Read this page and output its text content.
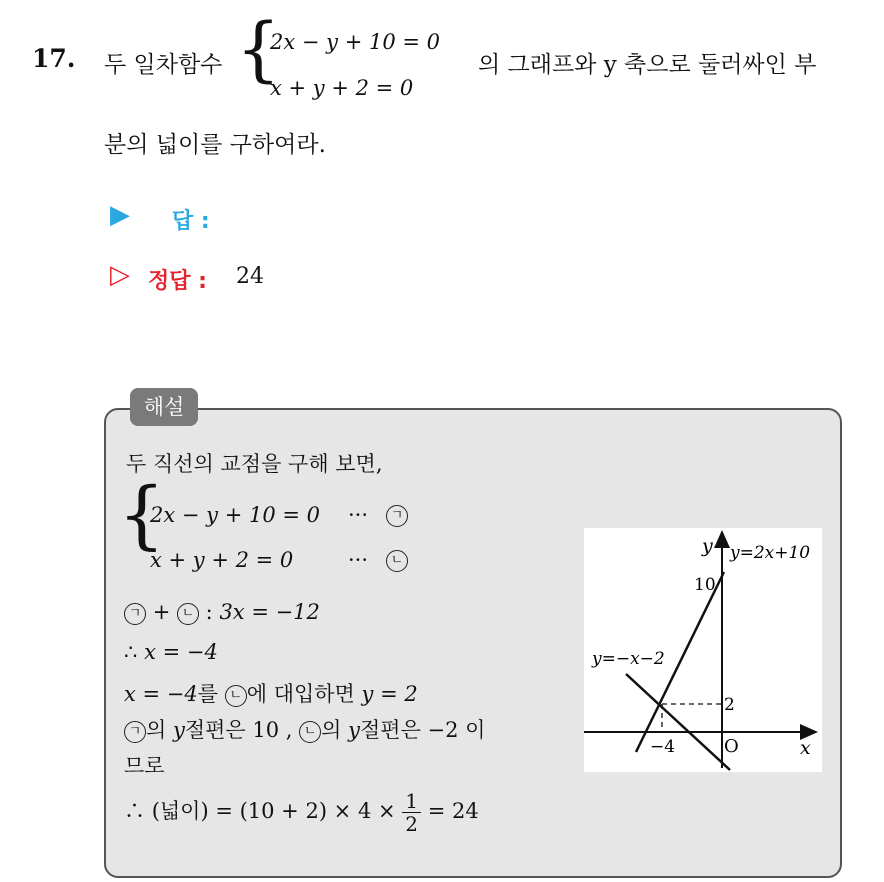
17. 두 일차함수 {
2x − y + 10 = 0
x + y + 2 = 0
의 그래프와 y 축으로 둘러싸인 부
분의 넓이를 구하여라.
▶ 답 :
▷ 정답 : 24
해설
두 직선의 교점을 구해 보면,
{
2x − y + 10 = 0 ···	ㄱ
x + y + 2 = 0	···	ㄴ
ㄱ + ㄴ : 3x = −12
∴ x = −4
x = −4를 ㄴ 에 대입하면 y = 2
ㄱ 의 y절편은 10 , ㄴ 의 y절편은 −2 이
므로
∴ (넓이) = $(10 + 2) \times 4 \times \frac{1}{2} = 24$
y
x
O
y=2x+10
y=−x−2
10
2
−4
